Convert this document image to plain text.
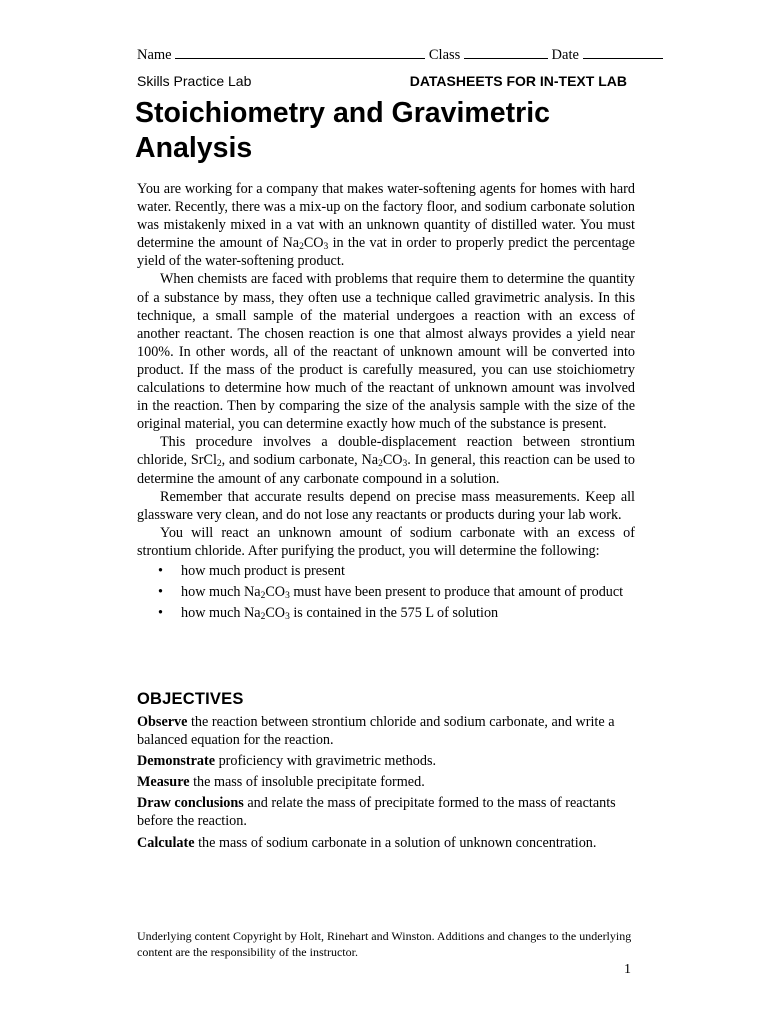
Name	Class	Date
Skills Practice Lab	DATASHEETS FOR IN-TEXT LAB
Stoichiometry and Gravimetric
Analysis

You are working for a company that makes water-softening agents for homes with hard water. Recently, there was a mix-up on the factory floor, and sodium carbonate solution was mistakenly mixed in a vat with an unknown quantity of distilled water. You must determine the amount of $Na_2CO_3$ in the vat in order to properly predict the percentage yield of the water-softening product.

When chemists are faced with problems that require them to determine the quantity of a substance by mass, they often use a technique called gravimetric analysis. In this technique, a small sample of the material undergoes a reaction with an excess of another reactant. The chosen reaction is one that almost always provides a yield near 100%. In other words, all of the reactant of unknown amount will be converted into product. If the mass of the product is carefully measured, you can use stoichiometry calculations to determine how much of the reactant of unknown amount was involved in the reaction. Then by comparing the size of the analysis sample with the size of the original material, you can determine exactly how much of the substance is present.

This procedure involves a double-displacement reaction between strontium chloride, SrCl$_2$, and sodium carbonate, $Na_2CO_3$. In general, this reaction can be used to determine the amount of any carbonate compound in a solution.

Remember that accurate results depend on precise mass measurements. Keep all glassware very clean, and do not lose any reactants or products during your lab work.

You will react an unknown amount of sodium carbonate with an excess of strontium chloride. After purifying the product, you will determine the following:

• how much product is present
• how much $Na_2CO_3$ must have been present to produce that amount of product
• how much $Na_2CO_3$ is contained in the 575 L of solution
OBJECTIVES

Observe the reaction between strontium chloride and sodium carbonate, and write a balanced equation for the reaction.

Demonstrate proficiency with gravimetric methods.

Measure the mass of insoluble precipitate formed.

Draw conclusions and relate the mass of precipitate formed to the mass of reactants before the reaction.

Calculate the mass of sodium carbonate in a solution of unknown concentration.

Underlying content Copyright by Holt, Rinehart and Winston. Additions and changes to the underlying content are the responsibility of the instructor.
1
